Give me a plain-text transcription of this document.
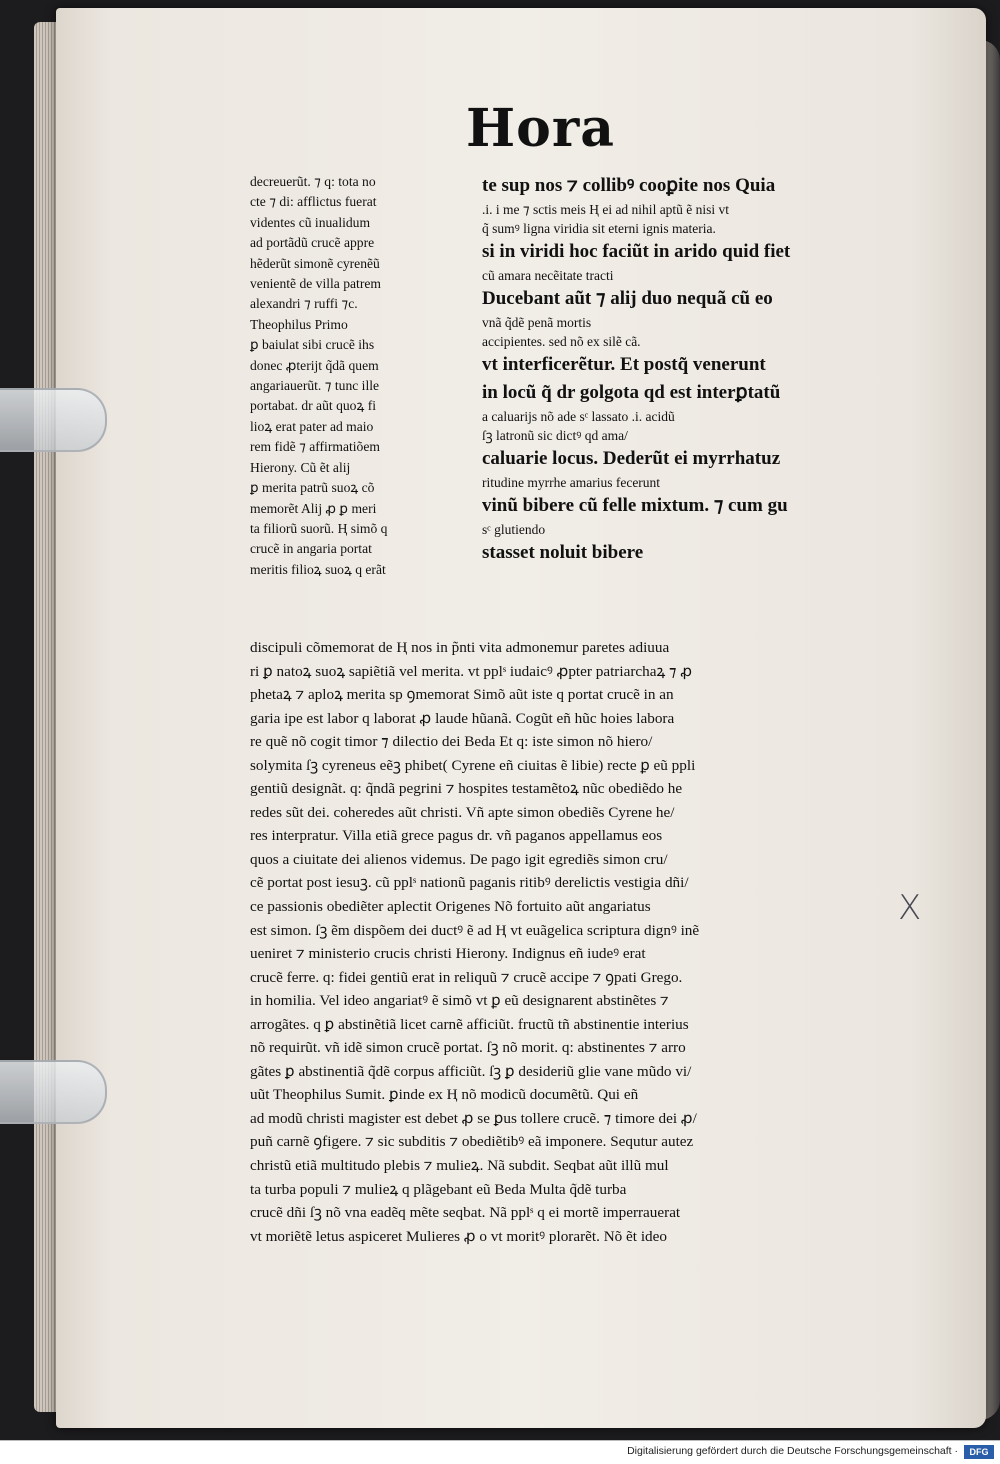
Hora
decreuerũt. ⁊ q: tota no
cte ⁊ di: afflictus fuerat
videntes cũ inualidum
ad portãdũ crucẽ appre
hẽderũt simonẽ cyrenẽũ
venientẽ de villa patrem
alexandri ⁊ ruffi ⁊c.
Theophilus Primo
ꝑ baiulat sibi crucẽ ihs
donec ꝓterijt q̃dã quem
angariauerũt. ⁊ tunc ille
portabat. dr aũt quoꝝ fi
lioꝝ erat pater ad maio
rem fidẽ ⁊ affirmatiõem
Hierony. Cũ ẽt alij
ꝑ merita patrũ suoꝝ cõ
memorẽt Alij ꝓ ꝑ meri
ta filiorũ suorũ. Ⱨ simõ q
crucẽ in angaria portat
meritis filioꝝ suoꝝ q erãt
te sup nos ⁊ collibꝰ cooꝑite nos Quia
.i. i me ⁊ sctis meis Ⱨ ei ad nihil aptũ ẽ nisi vt
q̃ sumꝰ ligna viridia sit eterni ignis materia.
si in viridi hoc faciũt in arido quid fiet
cũ amara necẽitate tracti
Ducebant aũt ⁊ alij duo nequã cũ eo
vnã q̃dẽ penã mortis
accipientes. sed nõ ex silẽ cã.
vt interficerẽtur. Et postq̃ venerunt
in locũ q̃ dr golgota qd est interꝑtatũ
a caluarijs nõ ade sᶜ lassato .i. acidũ
ſꝫ latronũ sic dictꝰ qd ama/
caluarie locus. Dederũt ei myrrhatuz
ritudine myrrhe amarius fecerunt
vinũ bibere cũ felle mixtum. ⁊ cum gu
sᶜ glutiendo
stasset noluit bibere
discipuli cõmemorat de Ⱨ nos in p̃nti vita admonemur paretes adiuua
ri ꝑ natoꝝ suoꝝ sapiẽtiã vel merita. vt pplˢ iudaicꝰ ꝓpter patriarchaꝝ ⁊ ꝓ
phetaꝝ ⁊ aploꝝ merita sp ꝯmemorat Simõ aũt iste q portat crucẽ in an
garia ipe est labor q laborat ꝓ laude hũanã. Cogũt eñ hũc hoies labora
re quẽ nõ cogit timor ⁊ dilectio dei Beda Et q: iste simon nõ hiero/
solymita ſꝫ cyreneus eẽꝫ phibet( Cyrene eñ ciuitas ẽ libie) recte ꝑ eũ ppli
gentiũ designãt. q: q̃ndã pegrini ⁊ hospites testamẽtoꝝ nũc obediẽdo he
redes sũt dei. coheredes aũt christi. Vñ apte simon obediẽs Cyrene he/
res interpratur. Villa etiã grece pagus dr. vñ paganos appellamus eos
quos a ciuitate dei alienos videmus. De pago igit egrediẽs simon cru/
cẽ portat post iesuꝫ. cũ pplˢ nationũ paganis ritibꝰ derelictis vestigia dñi/
ce passionis obediẽter aplectit Origenes Nõ fortuito aũt angariatus
est simon. ſꝫ ẽm dispõem dei ductꝰ ẽ ad Ⱨ vt euãgelica scriptura dignꝰ inẽ
ueniret ⁊ ministerio crucis christi Hierony. Indignus eñ iudeꝰ erat
crucẽ ferre. q: fidei gentiũ erat in reliquũ ⁊ crucẽ accipe ⁊ ꝯpati Grego.
in homilia. Vel ideo angariatꝰ ẽ simõ vt ꝑ eũ designarent abstinẽtes ⁊
arrogãtes. q ꝑ abstinẽtiã licet carnẽ afficiũt. fructũ tñ abstinentie interius
nõ requirũt. vñ idẽ simon crucẽ portat. ſꝫ nõ morit. q: abstinentes ⁊ arro
gãtes ꝑ abstinentiã q̃dẽ corpus afficiũt. ſꝫ ꝑ desideriũ glie vane mũdo vi/
uũt Theophilus Sumit. ꝑinde ex Ⱨ nõ modicũ documẽtũ. Qui eñ
ad modũ christi magister est debet ꝓ se ꝑus tollere crucẽ. ⁊ timore dei ꝓ/
puñ carnẽ ꝯfigere. ⁊ sic subditis ⁊ obediẽtibꝰ eã imponere. Sequtur autez
christũ etiã multitudo plebis ⁊ mulieꝝ. Nã subdit. Seqbat aũt illũ mul
ta turba populi ⁊ mulieꝝ q plãgebant eũ Beda Multa q̃dẽ turba
crucẽ dñi ſꝫ nõ vna eadẽq mẽte seqbat. Nã pplˢ q ei mortẽ imperrauerat
vt moriẽtẽ letus aspiceret Mulieres ꝓ o vt moritꝰ plorarẽt. Nõ ẽt ideo
X
Digitalisierung gefördert durch die Deutsche Forschungsgemeinschaft ·	DFG
